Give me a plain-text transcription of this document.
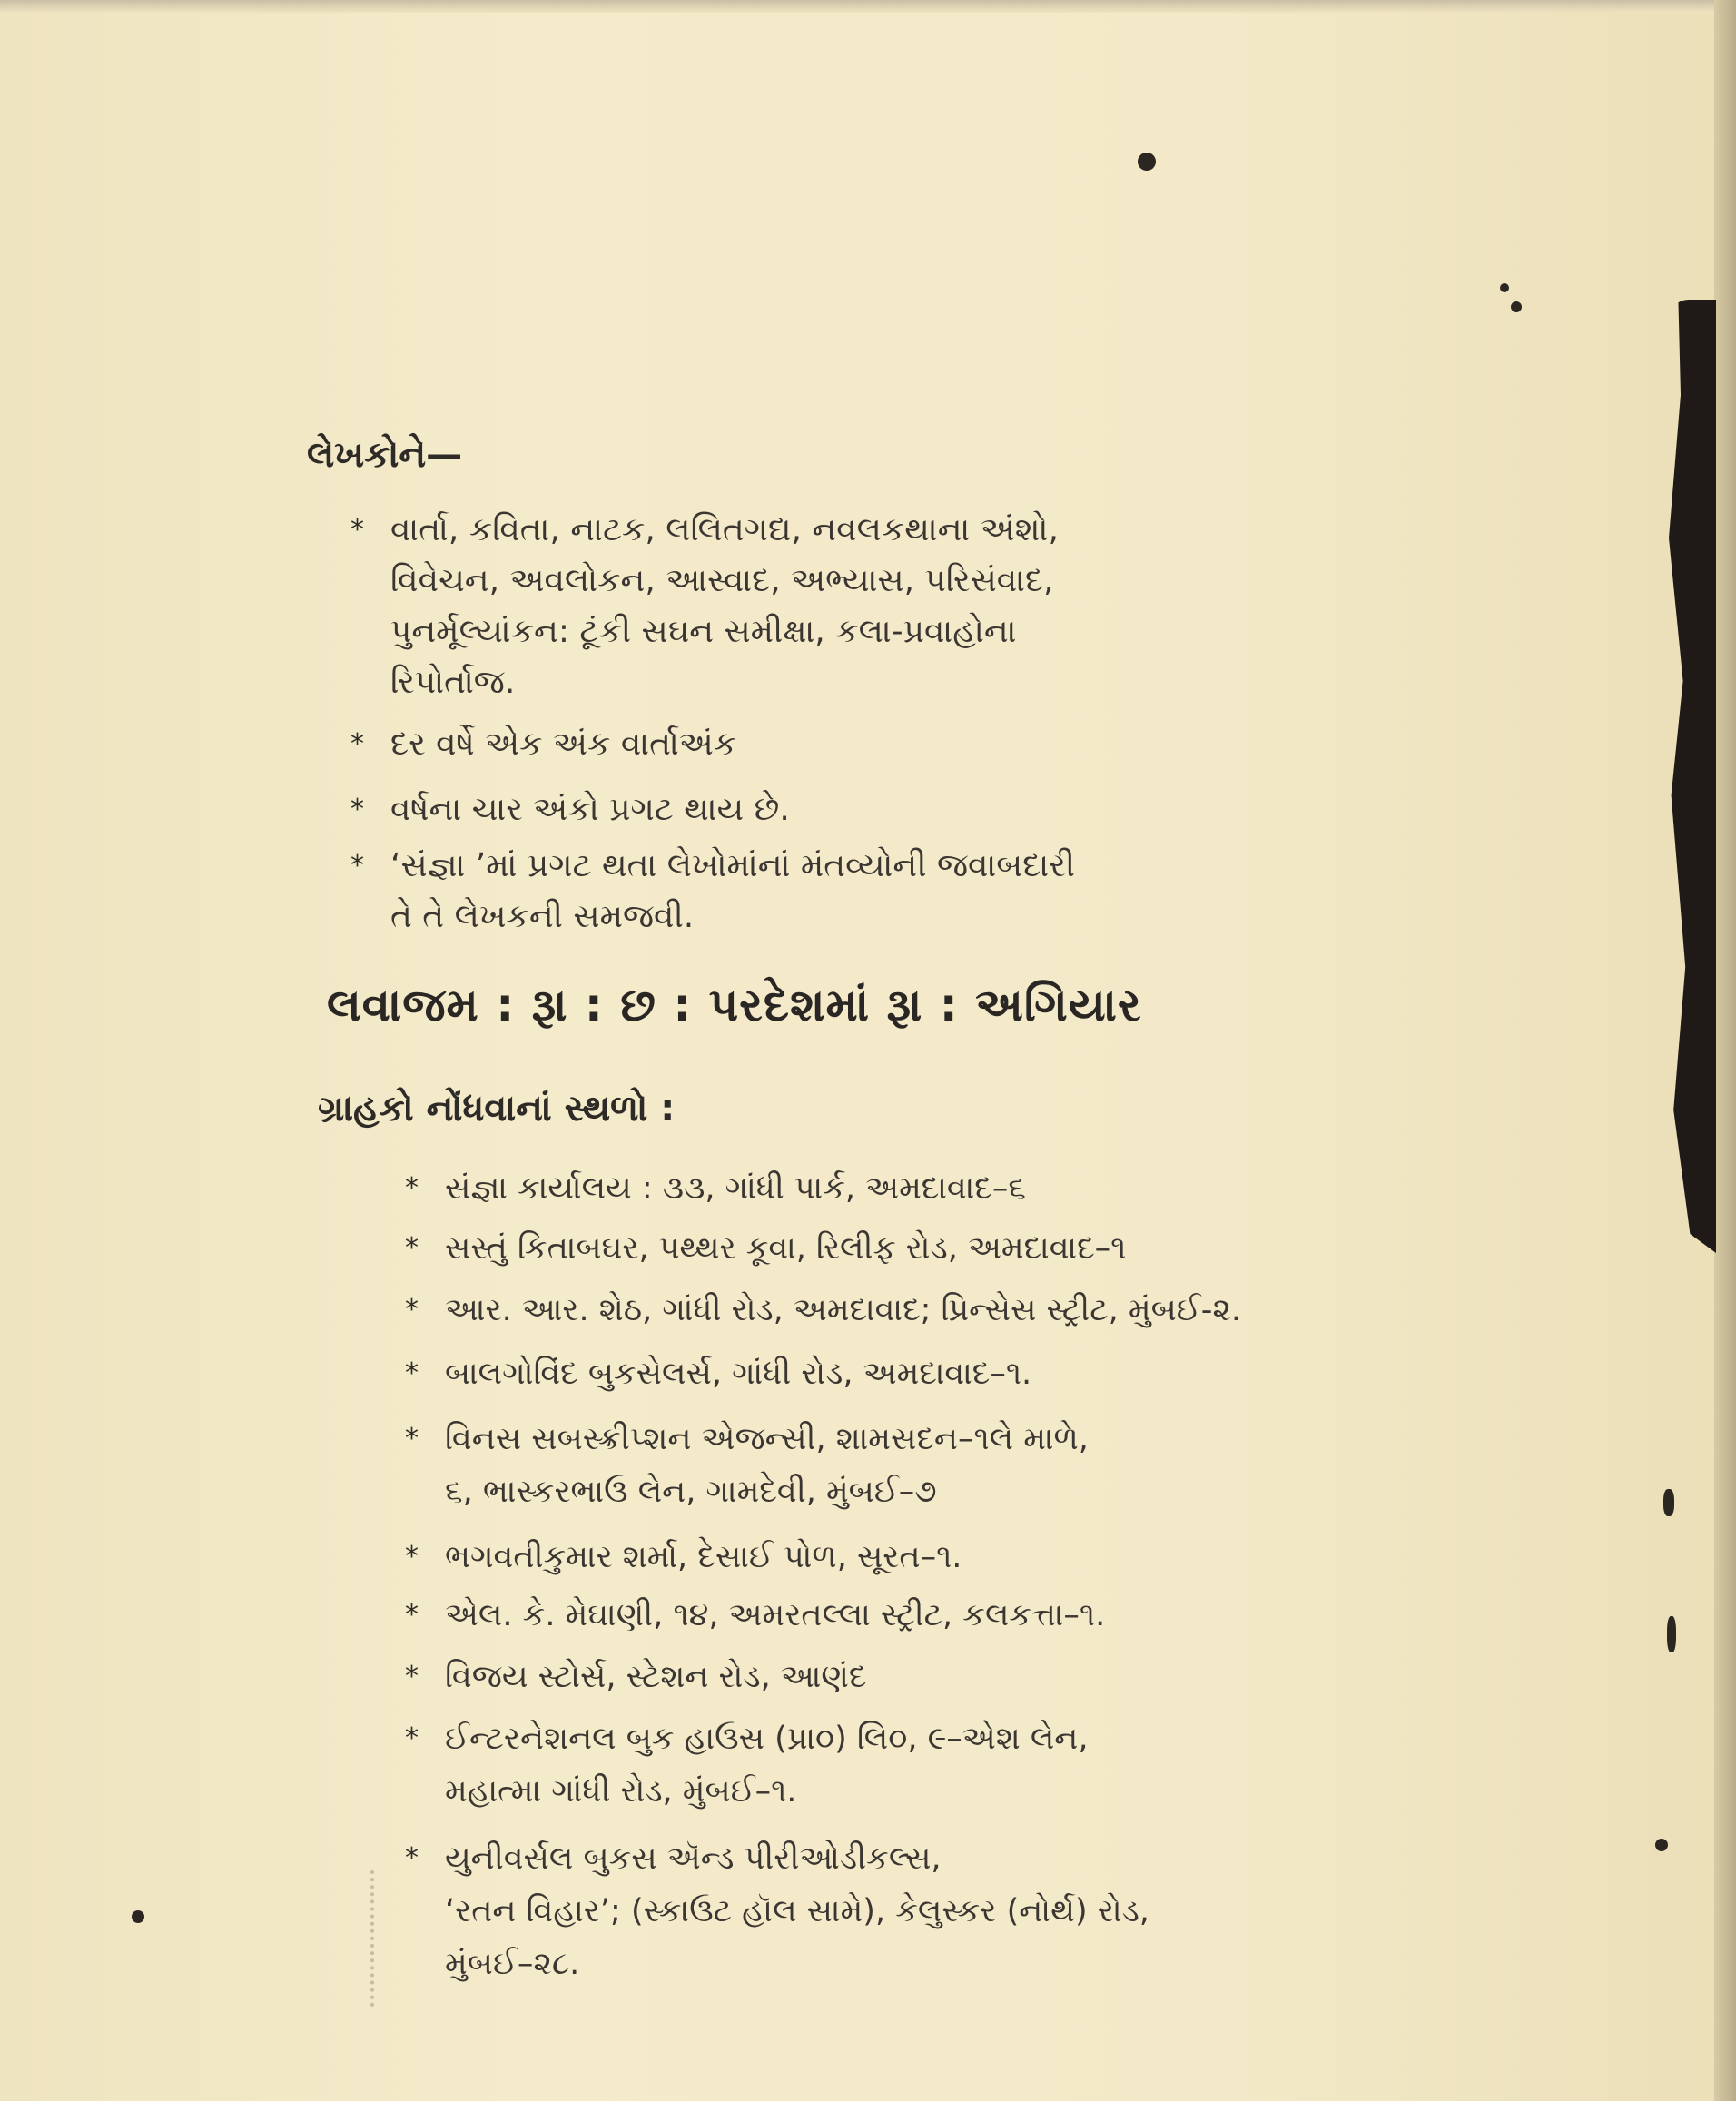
લેખકોને—
* વાર્તા, કવિતા, નાટક, લલિતગદ્ય, નવલકથાના અંશો,
વિવેચન, અવલોકન, આસ્વાદ, અભ્યાસ, પરિસંવાદ,
પુનર્મૂલ્યાંકન: ટૂંકી સઘન સમીક્ષા, કલા-પ્રવાહોના
રિપોર્તાજ.
* દર વર્ષે એક અંક વાર્તાઅંક
* વર્ષના ચાર અંકો પ્રગટ થાય છે.
* ‘સંજ્ઞા ’માં પ્રગટ થતા લેખોમાંનાં મંતવ્યોની જવાબદારી
તે તે લેખકની સમજવી.
લવાજમ : રૂા : છ : પરદેશમાં રૂા : અગિયાર
ગ્રાહકો નોંધવાનાં સ્થળો :
* સંજ્ઞા કાર્યાલય : ૩૩, ગાંધી પાર્ક, અમદાવાદ–૬
* સસ્તું કિતાબઘર, પથ્થર કૂવા, રિલીફ રોડ, અમદાવાદ–૧
* આર. આર. શેઠ, ગાંધી રોડ, અમદાવાદ; પ્રિન્સેસ સ્ટ્રીટ, મુંબઈ-૨.
* બાલગોવિંદ બુકસેલર્સ, ગાંધી રોડ, અમદાવાદ–૧.
* વિનસ સબસ્ક્રીપ્શન એજન્સી, શામસદન–૧લે માળે,
૬, ભાસ્કરભાઉ લેન, ગામદેવી, મુંબઈ–૭
* ભગવતીકુમાર શર્મા, દેસાઈ પોળ, સૂરત–૧.
* એલ. કે. મેઘાણી, ૧૪, અમરતલ્લા સ્ટ્રીટ, કલકત્તા–૧.
* વિજય સ્ટોર્સ, સ્ટેશન રોડ, આણંદ
* ઈન્ટરનેશનલ બુક હાઉસ (પ્રા૦) લિ૦, ૯–એશ લેન,
મહાત્મા ગાંધી રોડ, મુંબઈ–૧.
* યુનીવર્સલ બુકસ ઍન્ડ પીરીઓડીકલ્સ,
‘રતન વિહાર’; (સ્કાઉટ હૉલ સામે), કેલુસ્કર (નોર્થ) રોડ,
મુંબઈ–૨૮.
